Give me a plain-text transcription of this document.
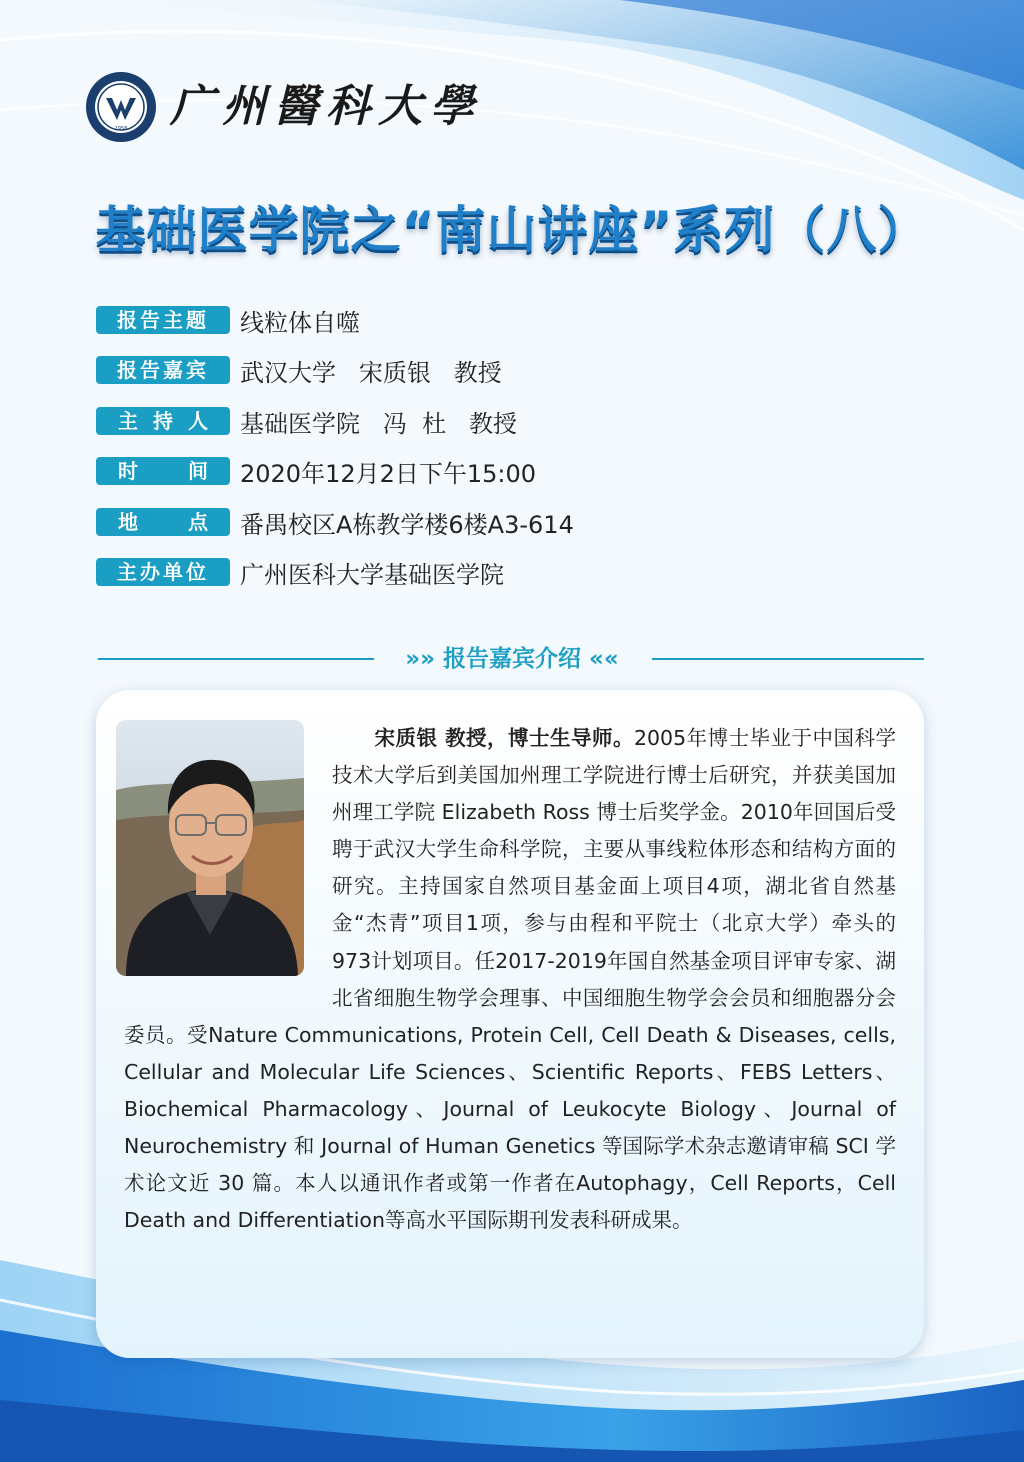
1958 广州醫科大學
基础医学院之“南山讲座”系列（八）
报告主题	线粒体自噬
报告嘉宾	武汉大学   宋质银   教授
主 持 人	基础医学院   冯  杜   教授
时 间	2020年12月2日下午15:00
地 点	番禺校区A栋教学楼6楼A3-614
主办单位	广州医科大学基础医学院
»» 报告嘉宾介绍 ««
宋质银 教授，博士生导师。2005年博士毕业于中国科学技术大学后到美国加州理工学院进行博士后研究，并获美国加州理工学院 Elizabeth Ross 博士后奖学金。2010年回国后受聘于武汉大学生命科学院，主要从事线粒体形态和结构方面的研究。主持国家自然项目基金面上项目4项，湖北省自然基金“杰青”项目1项，参与由程和平院士（北京大学）牵头的973计划项目。任2017-2019年国自然基金项目评审专家、湖北省细胞生物学会理事、中国细胞生物学会会员和细胞器分会委员。受Nature Communications, Protein Cell, Cell Death & Diseases, cells, Cellular and Molecular Life Sciences、Scientific Reports、FEBS Letters、Biochemical Pharmacology、Journal of Leukocyte Biology、Journal of Neurochemistry 和 Journal of Human Genetics 等国际学术杂志邀请审稿 SCI 学术论文近 30 篇。本人以通讯作者或第一作者在Autophagy，Cell Reports，Cell Death and Differentiation等高水平国际期刊发表科研成果。
